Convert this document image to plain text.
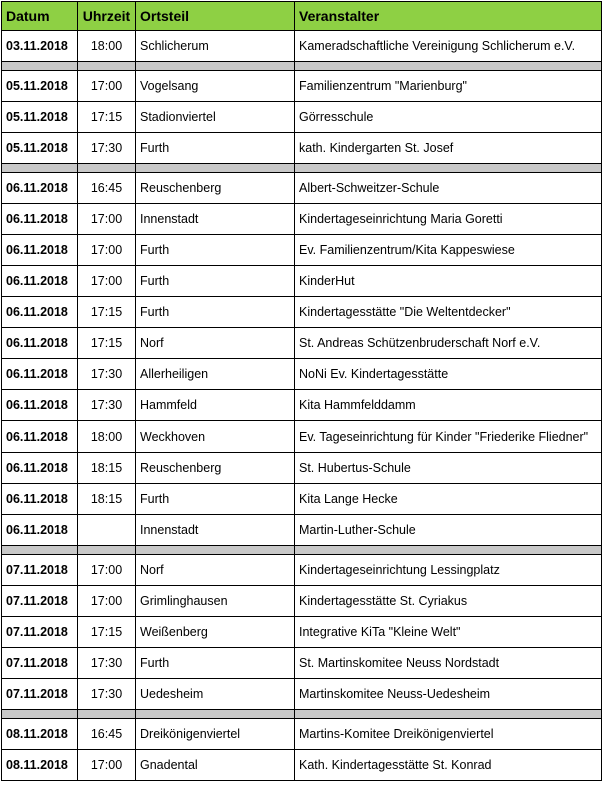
Datum	Uhrzeit	Ortsteil	Veranstalter
03.11.2018	18:00	Schlicherum	Kameradschaftliche Vereinigung Schlicherum e.V.

05.11.2018	17:00	Vogelsang	Familienzentrum "Marienburg"
05.11.2018	17:15	Stadionviertel	Görresschule
05.11.2018	17:30	Furth	kath. Kindergarten St. Josef

06.11.2018	16:45	Reuschenberg	Albert-Schweitzer-Schule
06.11.2018	17:00	Innenstadt	Kindertageseinrichtung Maria Goretti
06.11.2018	17:00	Furth	Ev. Familienzentrum/Kita Kappeswiese
06.11.2018	17:00	Furth	KinderHut
06.11.2018	17:15	Furth	Kindertagesstätte "Die Weltentdecker"
06.11.2018	17:15	Norf	St. Andreas Schützenbruderschaft Norf e.V.
06.11.2018	17:30	Allerheiligen	NoNi Ev. Kindertagesstätte
06.11.2018	17:30	Hammfeld	Kita Hammfelddamm
06.11.2018	18:00	Weckhoven	Ev. Tageseinrichtung für Kinder "Friederike Fliedner"
06.11.2018	18:15	Reuschenberg	St. Hubertus-Schule
06.11.2018	18:15	Furth	Kita Lange Hecke
06.11.2018		Innenstadt	Martin-Luther-Schule

07.11.2018	17:00	Norf	Kindertageseinrichtung Lessingplatz
07.11.2018	17:00	Grimlinghausen	Kindertagesstätte St. Cyriakus
07.11.2018	17:15	Weißenberg	Integrative KiTa "Kleine Welt"
07.11.2018	17:30	Furth	St. Martinskomitee Neuss Nordstadt
07.11.2018	17:30	Uedesheim	Martinskomitee Neuss-Uedesheim

08.11.2018	16:45	Dreikönigenviertel	Martins-Komitee Dreikönigenviertel
08.11.2018	17:00	Gnadental	Kath. Kindertagesstätte St. Konrad
